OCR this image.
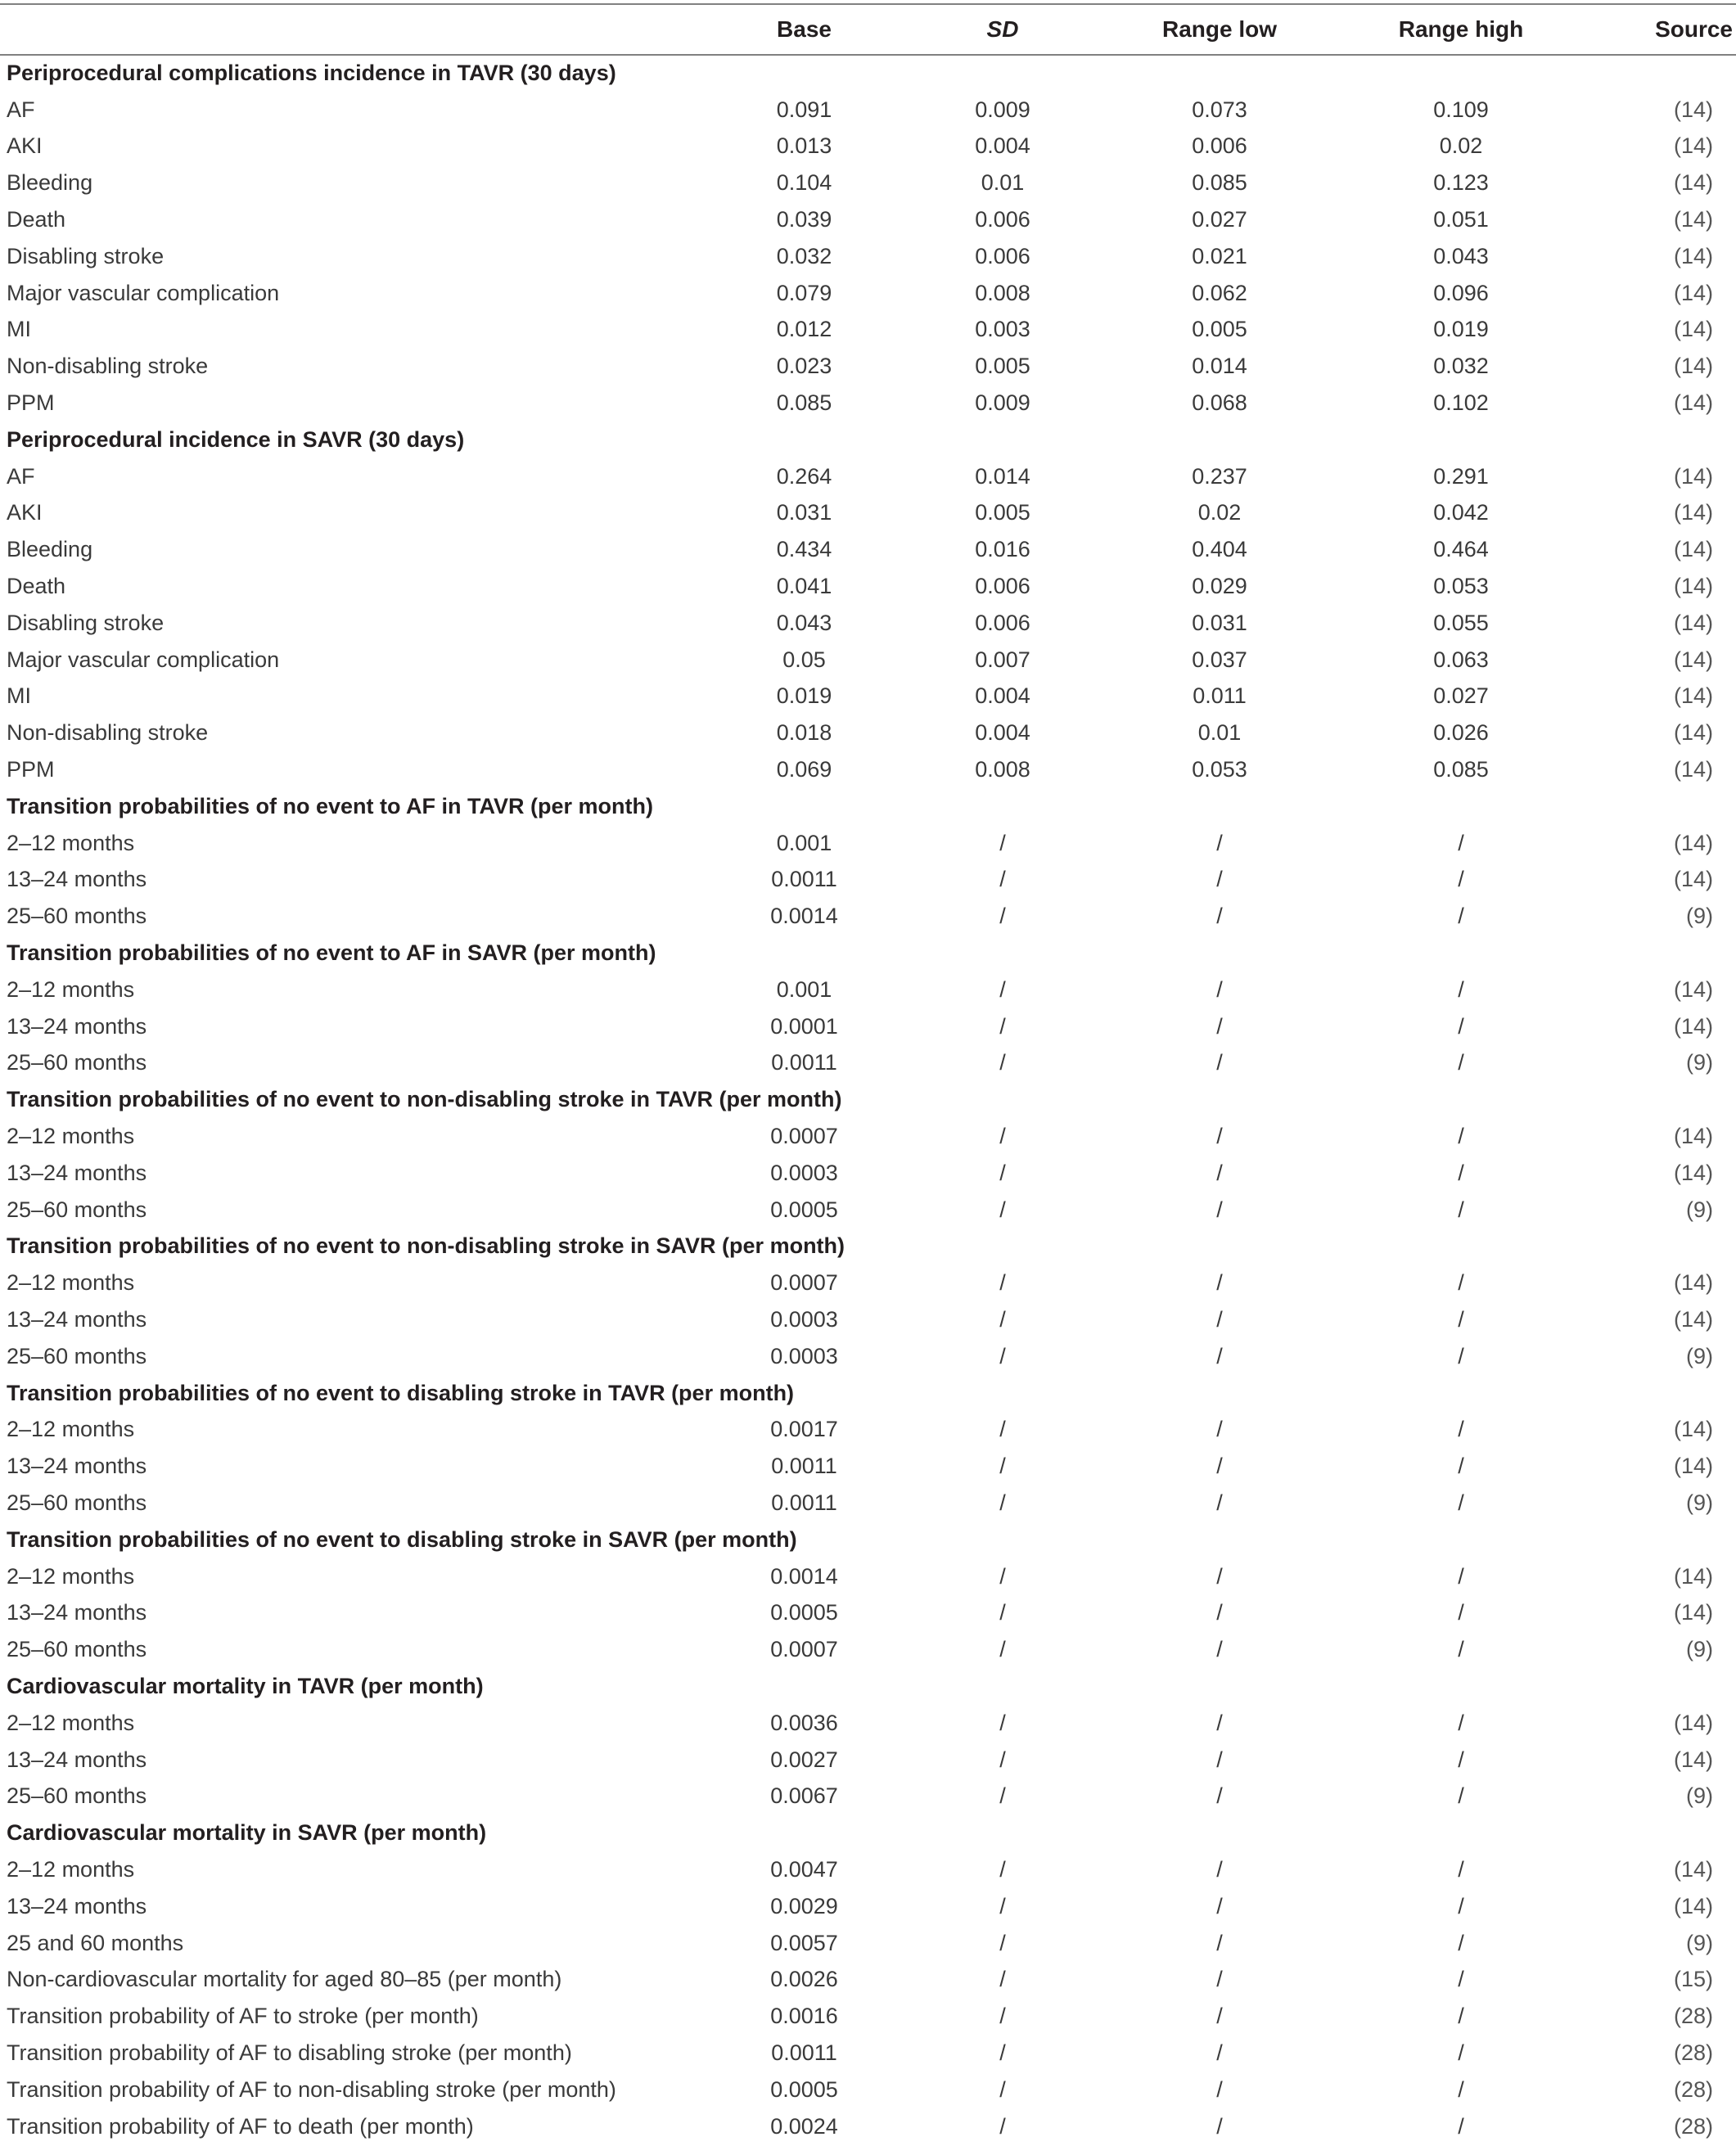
	Base	SD	Range low	Range high	Source
Periprocedural complications incidence in TAVR (30 days)					
AF	0.091	0.009	0.073	0.109	(14)
AKI	0.013	0.004	0.006	0.02	(14)
Bleeding	0.104	0.01	0.085	0.123	(14)
Death	0.039	0.006	0.027	0.051	(14)
Disabling stroke	0.032	0.006	0.021	0.043	(14)
Major vascular complication	0.079	0.008	0.062	0.096	(14)
MI	0.012	0.003	0.005	0.019	(14)
Non-disabling stroke	0.023	0.005	0.014	0.032	(14)
PPM	0.085	0.009	0.068	0.102	(14)
Periprocedural incidence in SAVR (30 days)					
AF	0.264	0.014	0.237	0.291	(14)
AKI	0.031	0.005	0.02	0.042	(14)
Bleeding	0.434	0.016	0.404	0.464	(14)
Death	0.041	0.006	0.029	0.053	(14)
Disabling stroke	0.043	0.006	0.031	0.055	(14)
Major vascular complication	0.05	0.007	0.037	0.063	(14)
MI	0.019	0.004	0.011	0.027	(14)
Non-disabling stroke	0.018	0.004	0.01	0.026	(14)
PPM	0.069	0.008	0.053	0.085	(14)
Transition probabilities of no event to AF in TAVR (per month)					
2–12 months	0.001	/	/	/	(14)
13–24 months	0.0011	/	/	/	(14)
25–60 months	0.0014	/	/	/	(9)
Transition probabilities of no event to AF in SAVR (per month)					
2–12 months	0.001	/	/	/	(14)
13–24 months	0.0001	/	/	/	(14)
25–60 months	0.0011	/	/	/	(9)
Transition probabilities of no event to non-disabling stroke in TAVR (per month)					
2–12 months	0.0007	/	/	/	(14)
13–24 months	0.0003	/	/	/	(14)
25–60 months	0.0005	/	/	/	(9)
Transition probabilities of no event to non-disabling stroke in SAVR (per month)					
2–12 months	0.0007	/	/	/	(14)
13–24 months	0.0003	/	/	/	(14)
25–60 months	0.0003	/	/	/	(9)
Transition probabilities of no event to disabling stroke in TAVR (per month)					
2–12 months	0.0017	/	/	/	(14)
13–24 months	0.0011	/	/	/	(14)
25–60 months	0.0011	/	/	/	(9)
Transition probabilities of no event to disabling stroke in SAVR (per month)					
2–12 months	0.0014	/	/	/	(14)
13–24 months	0.0005	/	/	/	(14)
25–60 months	0.0007	/	/	/	(9)
Cardiovascular mortality in TAVR (per month)					
2–12 months	0.0036	/	/	/	(14)
13–24 months	0.0027	/	/	/	(14)
25–60 months	0.0067	/	/	/	(9)
Cardiovascular mortality in SAVR (per month)					
2–12 months	0.0047	/	/	/	(14)
13–24 months	0.0029	/	/	/	(14)
25 and 60 months	0.0057	/	/	/	(9)
Non-cardiovascular mortality for aged 80–85 (per month)	0.0026	/	/	/	(15)
Transition probability of AF to stroke (per month)	0.0016	/	/	/	(28)
Transition probability of AF to disabling stroke (per month)	0.0011	/	/	/	(28)
Transition probability of AF to non-disabling stroke (per month)	0.0005	/	/	/	(28)
Transition probability of AF to death (per month)	0.0024	/	/	/	(28)
